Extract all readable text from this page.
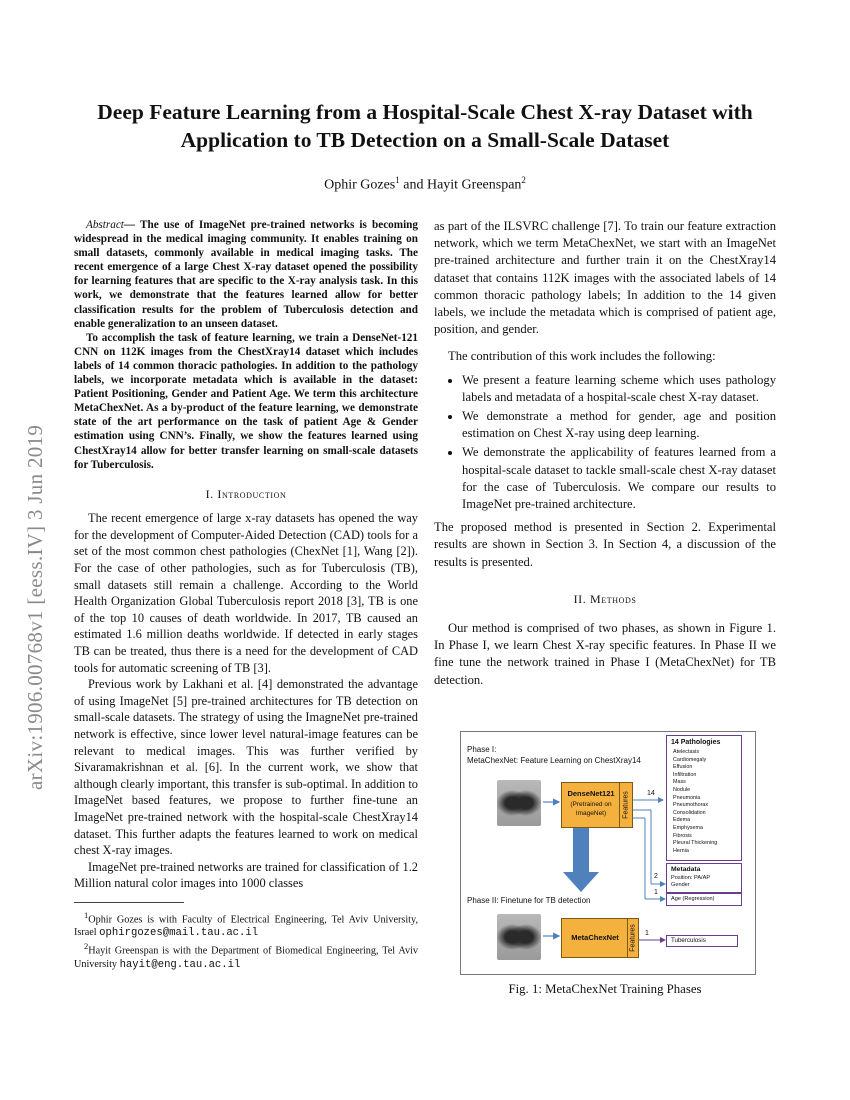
arXiv:1906.00768v1 [eess.IV] 3 Jun 2019
Deep Feature Learning from a Hospital-Scale Chest X-ray Dataset with Application to TB Detection on a Small-Scale Dataset
Ophir Gozes$^1$ and Hayit Greenspan$^2$

Abstract— The use of ImageNet pre-trained networks is becoming widespread in the medical imaging community. It enables training on small datasets, commonly available in medical imaging tasks. The recent emergence of a large Chest X-ray dataset opened the possibility for learning features that are specific to the X-ray analysis task. In this work, we demonstrate that the features learned allow for better classification results for the problem of Tuberculosis detection and enable generalization to an unseen dataset.

To accomplish the task of feature learning, we train a DenseNet-121 CNN on 112K images from the ChestXray14 dataset which includes labels of 14 common thoracic pathologies. In addition to the pathology labels, we incorporate metadata which is available in the dataset: Patient Positioning, Gender and Patient Age. We term this architecture MetaChexNet. As a by-product of the feature learning, we demonstrate state of the art performance on the task of patient Age & Gender estimation using CNN’s. Finally, we show the features learned using ChestXray14 allow for better transfer learning on small-scale datasets for Tuberculosis.

I. Introduction

The recent emergence of large x-ray datasets has opened the way for the development of Computer-Aided Detection (CAD) tools for a set of the most common chest pathologies (ChexNet [1], Wang [2]). For the case of other pathologies, such as for Tuberculosis (TB), small datasets still remain a challenge. According to the World Health Organization Global Tuberculosis report 2018 [3], TB is one of the top 10 causes of death worldwide. In 2017, TB caused an estimated 1.6 million deaths worldwide. If detected in early stages TB can be treated, thus there is a need for the development of CAD tools for automatic screening of TB [3].

Previous work by Lakhani et al. [4] demonstrated the advantage of using ImageNet [5] pre-trained architectures for TB detection on small-scale datasets. The strategy of using the ImagneNet pre-trained network is effective, since lower level natural-image features can be relevant to medical images. This was further verified by Sivaramakrishnan et al. [6]. In the current work, we show that although clearly important, this transfer is sub-optimal. In addition to ImageNet based features, we propose to further fine-tune an ImageNet pre-trained network with the hospital-scale ChestXray14 dataset. This further adapts the features learned to work on medical chest X-ray images.

ImageNet pre-trained networks are trained for classification of 1.2 Million natural color images into 1000 classes

$^1$Ophir Gozes is with Faculty of Electrical Engineering, Tel Aviv University, Israel ophirgozes@mail.tau.ac.il

$^2$Hayit Greenspan is with the Department of Biomedical Engineering, Tel Aviv University hayit@eng.tau.ac.il

as part of the ILSVRC challenge [7]. To train our feature extraction network, which we term MetaChexNet, we start with an ImageNet pre-trained architecture and further train it on the ChestXray14 dataset that contains 112K images with the associated labels of 14 common thoracic pathology labels; In addition to the 14 given labels, we include the metadata which is comprised of patient age, position, and gender.

The contribution of this work includes the following:

• We present a feature learning scheme which uses pathology labels and metadata of a hospital-scale chest X-ray dataset.
• We demonstrate a method for gender, age and position estimation on Chest X-ray using deep learning.
• We demonstrate the applicability of features learned from a hospital-scale dataset to tackle small-scale chest X-ray dataset for the case of Tuberculosis. We compare our results to ImageNet pre-trained architecture.

The proposed method is presented in Section 2. Experimental results are shown in Section 3. In Section 4, a discussion of the results is presented.

II. Methods

Our method is comprised of two phases, as shown in Figure 1. In Phase I, we learn Chest X-ray specific features. In Phase II we fine tune the network trained in Phase I (MetaChexNet) for TB detection.

Phase I:
MetaChexNet: Feature Learning on ChestXray14
DenseNet121
(Pretrained on
ImageNet)	Features	14
2
1
1
14 Pathologies
Atelectasis
Cardiomegaly
Effusion
Infiltration
Mass
Nodule
Pneumonia
Pneumothorax
Consolidation
Edema
Emphysema
Fibrosis
Pleural Thickening
Hernia
Metadata
Position: PA/AP
Gender
Age (Regression)
Phase II: Finetune for TB detection
MetaChexNet	Features	Tuberculosis
Fig. 1: MetaChexNet Training Phases
